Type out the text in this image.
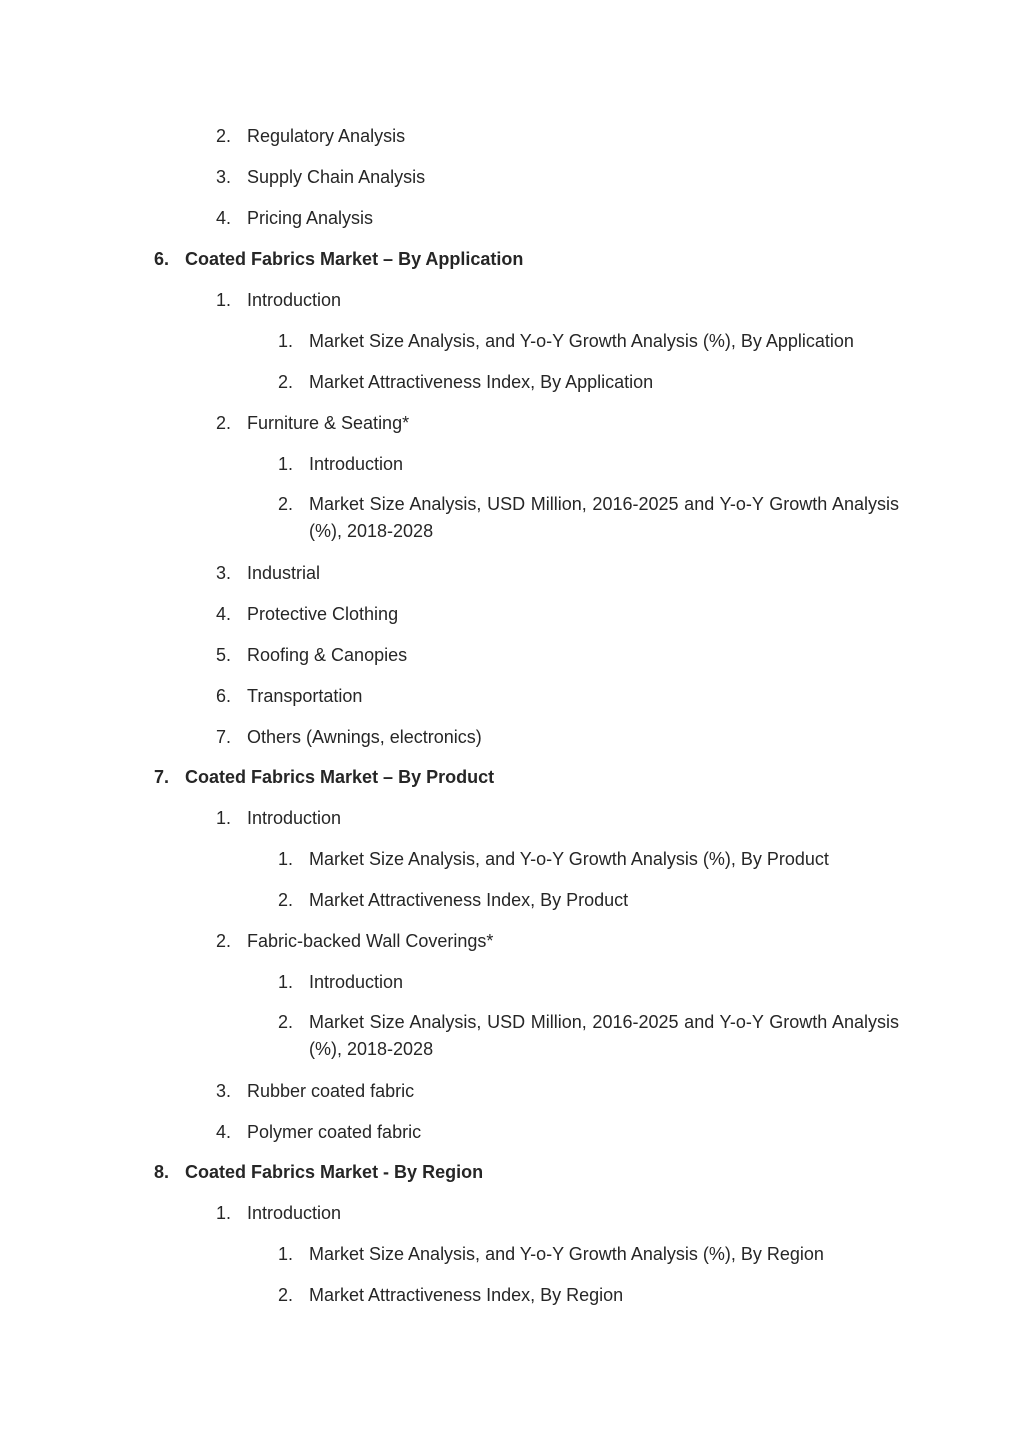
2. Regulatory Analysis
3. Supply Chain Analysis
4. Pricing Analysis
6. Coated Fabrics Market – By Application
1. Introduction
1. Market Size Analysis, and Y-o-Y Growth Analysis (%), By Application
2. Market Attractiveness Index, By Application
2. Furniture & Seating*
1. Introduction
2. Market Size Analysis, USD Million, 2016-2025 and Y-o-Y Growth Analysis (%), 2018-2028
3. Industrial
4. Protective Clothing
5. Roofing & Canopies
6. Transportation
7. Others (Awnings, electronics)
7. Coated Fabrics Market – By Product
1. Introduction
1. Market Size Analysis, and Y-o-Y Growth Analysis (%), By Product
2. Market Attractiveness Index, By Product
2. Fabric-backed Wall Coverings*
1. Introduction
2. Market Size Analysis, USD Million, 2016-2025 and Y-o-Y Growth Analysis (%), 2018-2028
3. Rubber coated fabric
4. Polymer coated fabric
8. Coated Fabrics Market - By Region
1. Introduction
1. Market Size Analysis, and Y-o-Y Growth Analysis (%), By Region
2. Market Attractiveness Index, By Region
